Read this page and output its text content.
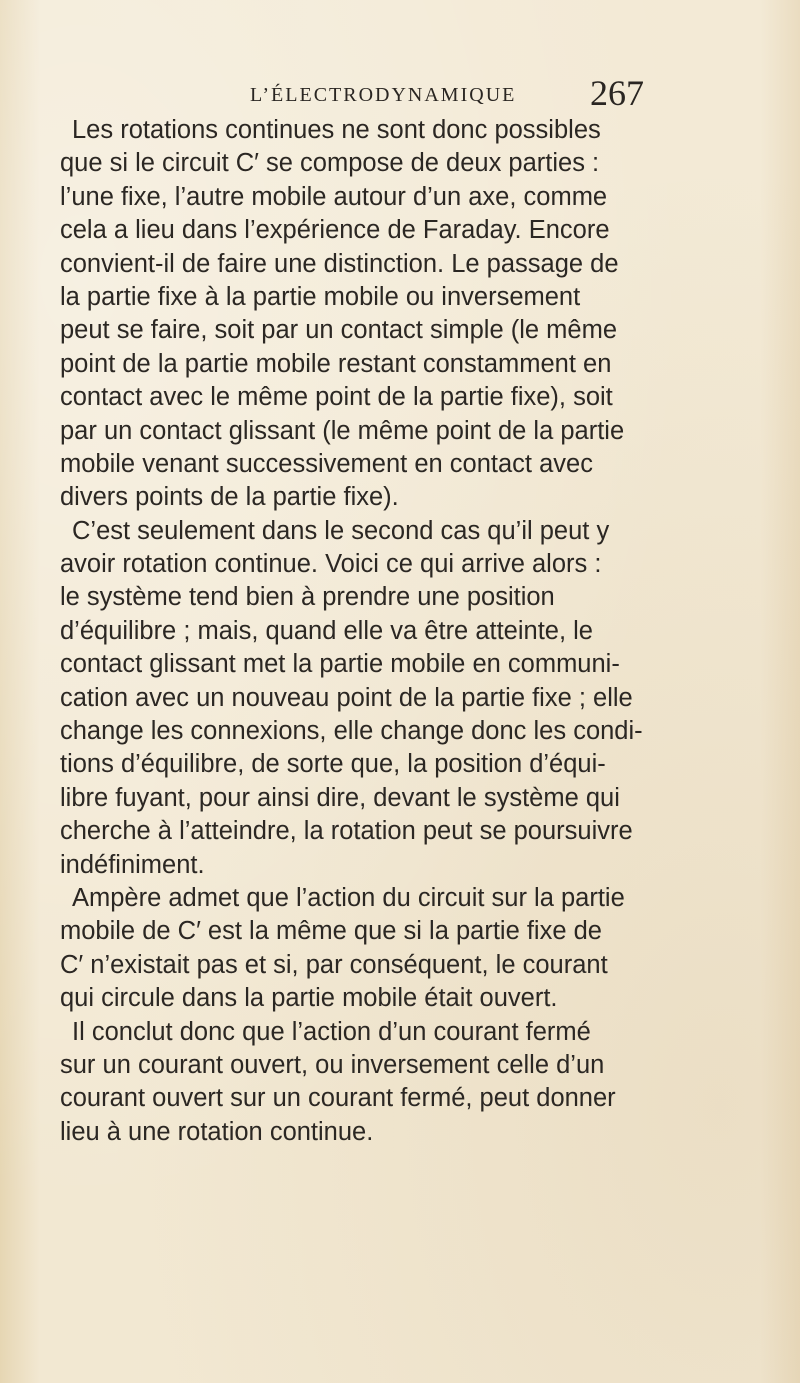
L’ÉLECTRODYNAMIQUE 267
Les rotations continues ne sont donc possibles
que si le circuit C′ se compose de deux parties :
l’une fixe, l’autre mobile autour d’un axe, comme
cela a lieu dans l’expérience de Faraday. Encore
convient-il de faire une distinction. Le passage de
la partie fixe à la partie mobile ou inversement
peut se faire, soit par un contact simple (le même
point de la partie mobile restant constamment en
contact avec le même point de la partie fixe), soit
par un contact glissant (le même point de la partie
mobile venant successivement en contact avec
divers points de la partie fixe).
C’est seulement dans le second cas qu’il peut y
avoir rotation continue. Voici ce qui arrive alors :
le système tend bien à prendre une position
d’équilibre ; mais, quand elle va être atteinte, le
contact glissant met la partie mobile en communi-
cation avec un nouveau point de la partie fixe ; elle
change les connexions, elle change donc les condi-
tions d’équilibre, de sorte que, la position d’équi-
libre fuyant, pour ainsi dire, devant le système qui
cherche à l’atteindre, la rotation peut se poursuivre
indéfiniment.
Ampère admet que l’action du circuit sur la partie
mobile de C′ est la même que si la partie fixe de
C′ n’existait pas et si, par conséquent, le courant
qui circule dans la partie mobile était ouvert.
Il conclut donc que l’action d’un courant fermé
sur un courant ouvert, ou inversement celle d’un
courant ouvert sur un courant fermé, peut donner
lieu à une rotation continue.
